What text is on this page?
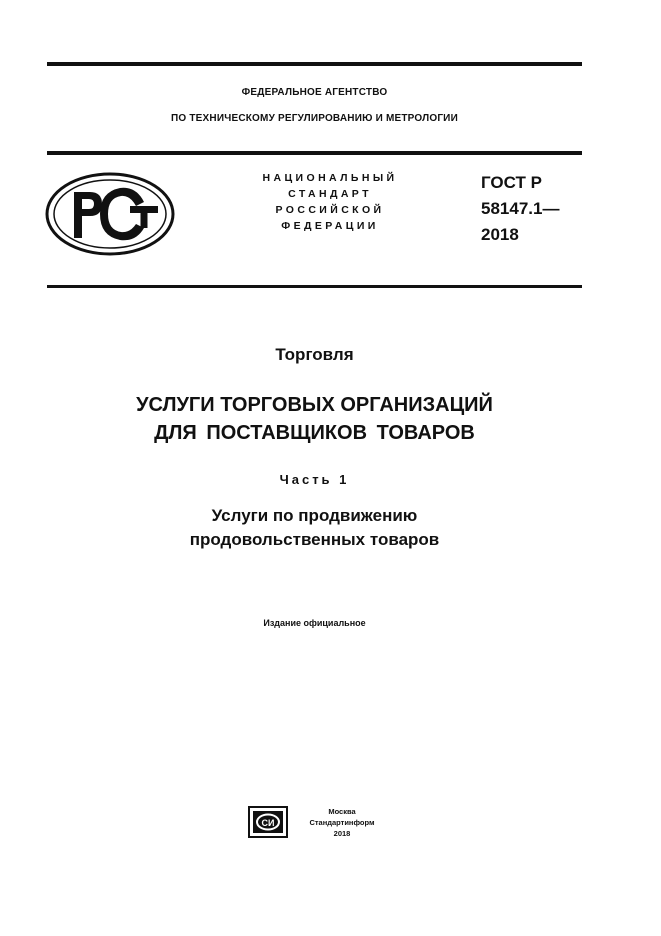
ФЕДЕРАЛЬНОЕ АГЕНТСТВО
ПО ТЕХНИЧЕСКОМУ РЕГУЛИРОВАНИЮ И МЕТРОЛОГИИ
НАЦИОНАЛЬНЫЙ
СТАНДАРТ
РОССИЙСКОЙ
ФЕДЕРАЦИИ
ГОСТ Р
58147.1—
2018
Торговля
УСЛУГИ ТОРГОВЫХ ОРГАНИЗАЦИЙ
ДЛЯ ПОСТАВЩИКОВ ТОВАРОВ
Часть 1
Услуги по продвижению
продовольственных товаров
Издание официальное
СИ
Москва
Стандартинформ
2018
